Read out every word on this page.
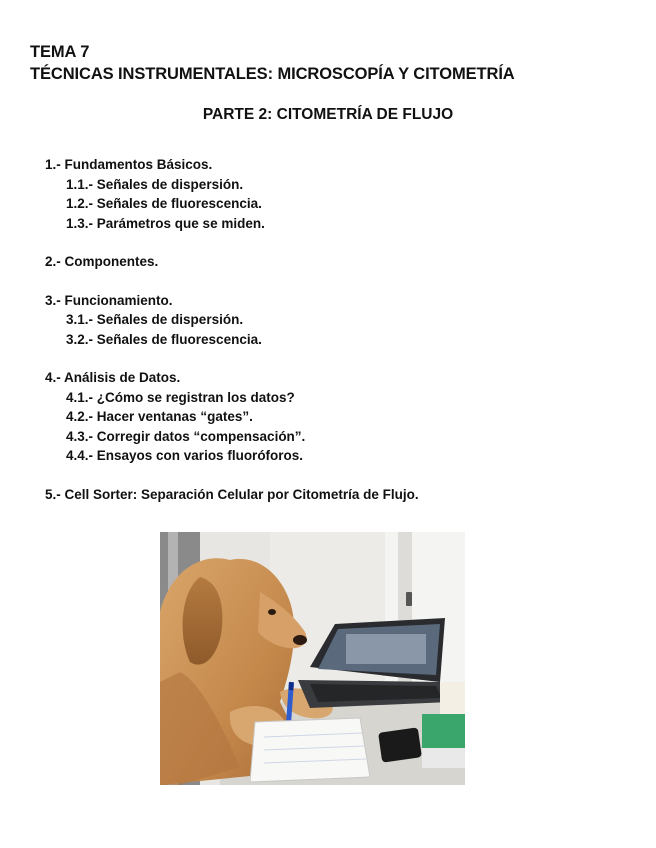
TEMA 7
TÉCNICAS INSTRUMENTALES: MICROSCOPÍA Y CITOMETRÍA
PARTE 2: CITOMETRÍA DE FLUJO
1.- Fundamentos Básicos.
1.1.- Señales de dispersión.
1.2.- Señales de fluorescencia.
1.3.- Parámetros que se miden.
2.- Componentes.
3.- Funcionamiento.
3.1.- Señales de dispersión.
3.2.- Señales de fluorescencia.
4.- Análisis de Datos.
4.1.- ¿Cómo se registran los datos?
4.2.- Hacer ventanas “gates”.
4.3.- Corregir datos “compensación”.
4.4.- Ensayos con varios fluoróforos.
5.- Cell Sorter: Separación Celular por Citometría de Flujo.
